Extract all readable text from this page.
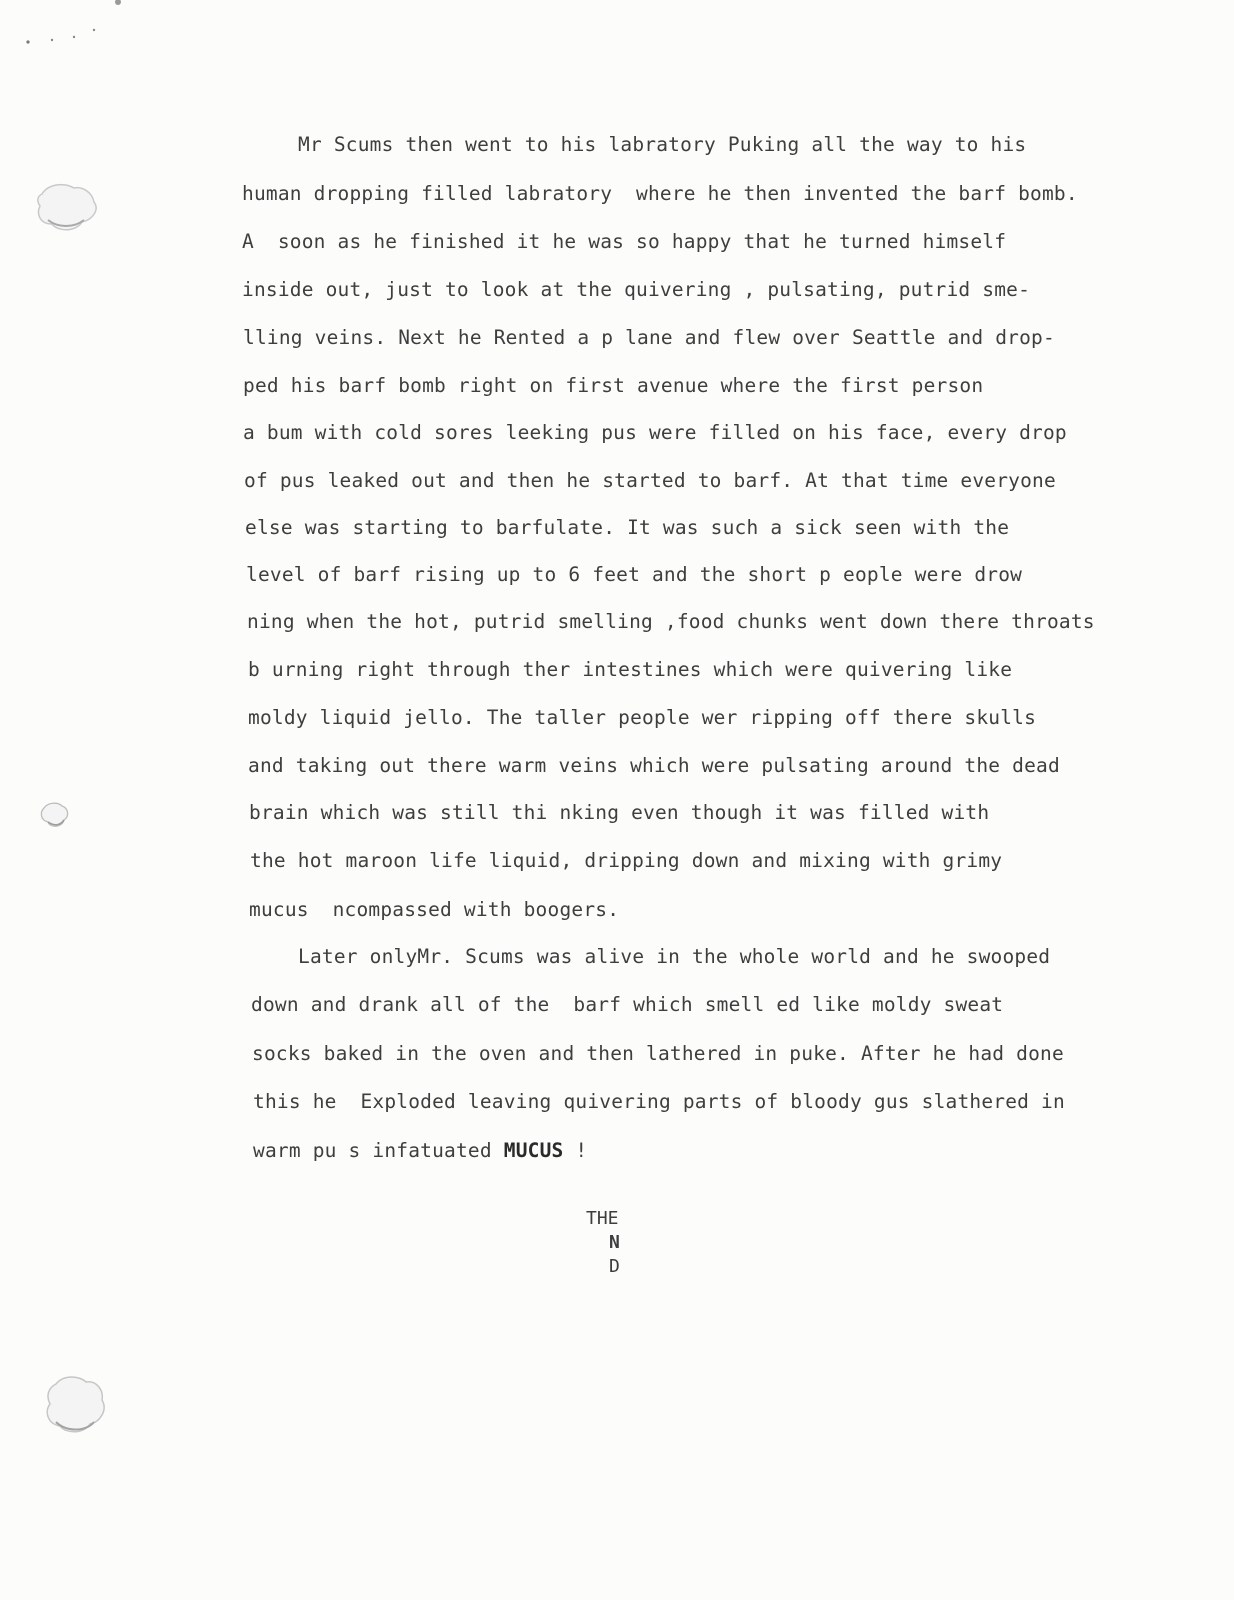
Mr Scums then went to his labratory Puking all the way to his
human dropping filled labratory  where he then invented the barf bomb.
A  soon as he finished it he was so happy that he turned himself
inside out, just to look at the quivering , pulsating, putrid sme-
lling veins. Next he Rented a p lane and flew over Seattle and drop-
ped his barf bomb right on first avenue where the first person
a bum with cold sores leeking pus were filled on his face, every drop
of pus leaked out and then he started to barf. At that time everyone
else was starting to barfulate. It was such a sick seen with the
level of barf rising up to 6 feet and the short p eople were drow
ning when the hot, putrid smelling ,food chunks went down there throats
b urning right through ther intestines which were quivering like
moldy liquid jello. The taller people wer ripping off there skulls
and taking out there warm veins which were pulsating around the dead
brain which was still thi nking even though it was filled with
the hot maroon life liquid, dripping down and mixing with grimy
mucus  ncompassed with boogers.
Later onlyMr. Scums was alive in the whole world and he swooped
down and drank all of the  barf which smell ed like moldy sweat
socks baked in the oven and then lathered in puke. After he had done
this he  Exploded leaving quivering parts of bloody gus slathered in
warm pu s infatuated MUCUS !
THE
N
D
